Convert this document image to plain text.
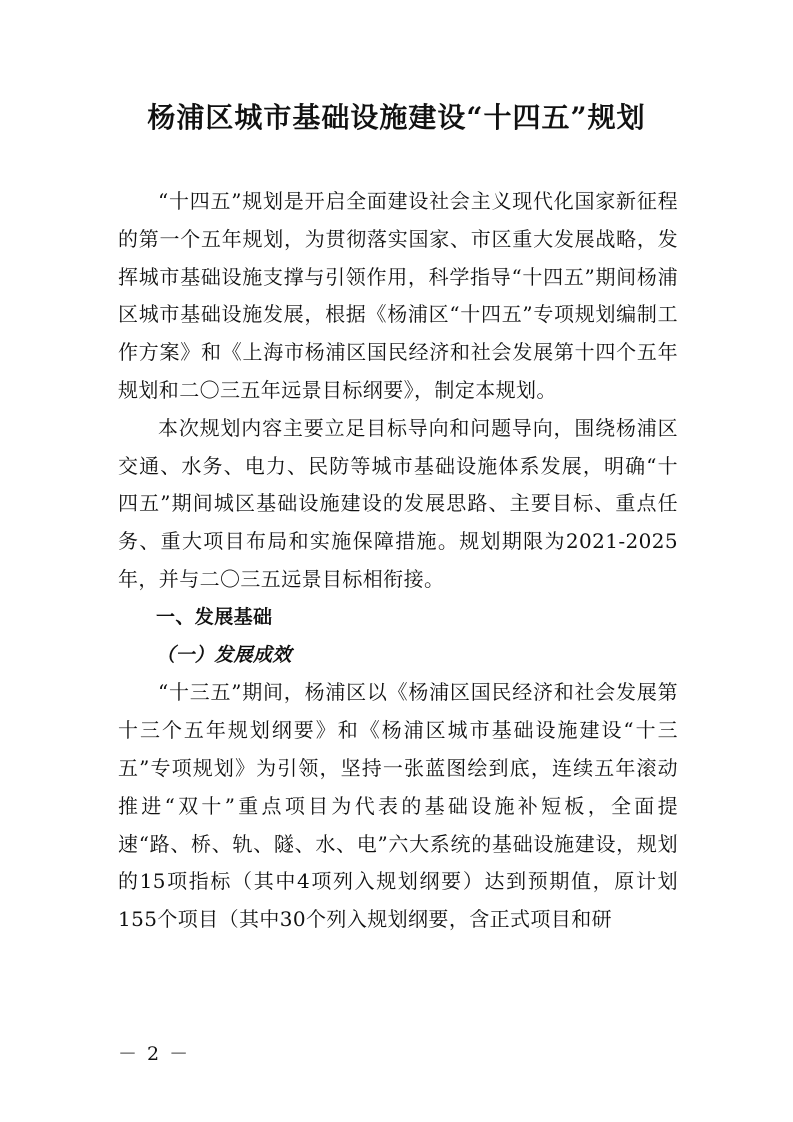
杨浦区城市基础设施建设“十四五”规划

“十四五”规划是开启全面建设社会主义现代化国家新征程的第一个五年规划，为贯彻落实国家、市区重大发展战略，发挥城市基础设施支撑与引领作用，科学指导“十四五”期间杨浦区城市基础设施发展，根据《杨浦区“十四五”专项规划编制工作方案》和《上海市杨浦区国民经济和社会发展第十四个五年规划和二〇三五年远景目标纲要》，制定本规划。

本次规划内容主要立足目标导向和问题导向，围绕杨浦区交通、水务、电力、民防等城市基础设施体系发展，明确“十四五”期间城区基础设施建设的发展思路、主要目标、重点任务、重大项目布局和实施保障措施。规划期限为2021-2025年，并与二〇三五远景目标相衔接。

一、发展基础

（一）发展成效

“十三五”期间，杨浦区以《杨浦区国民经济和社会发展第十三个五年规划纲要》和《杨浦区城市基础设施建设“十三五”专项规划》为引领，坚持一张蓝图绘到底，连续五年滚动推进“双十”重点项目为代表的基础设施补短板，全面提速“路、桥、轨、隧、水、电”六大系统的基础设施建设，规划的15项指标（其中4项列入规划纲要）达到预期值，原计划155个项目（其中30个列入规划纲要，含正式项目和研

－ 2 －
